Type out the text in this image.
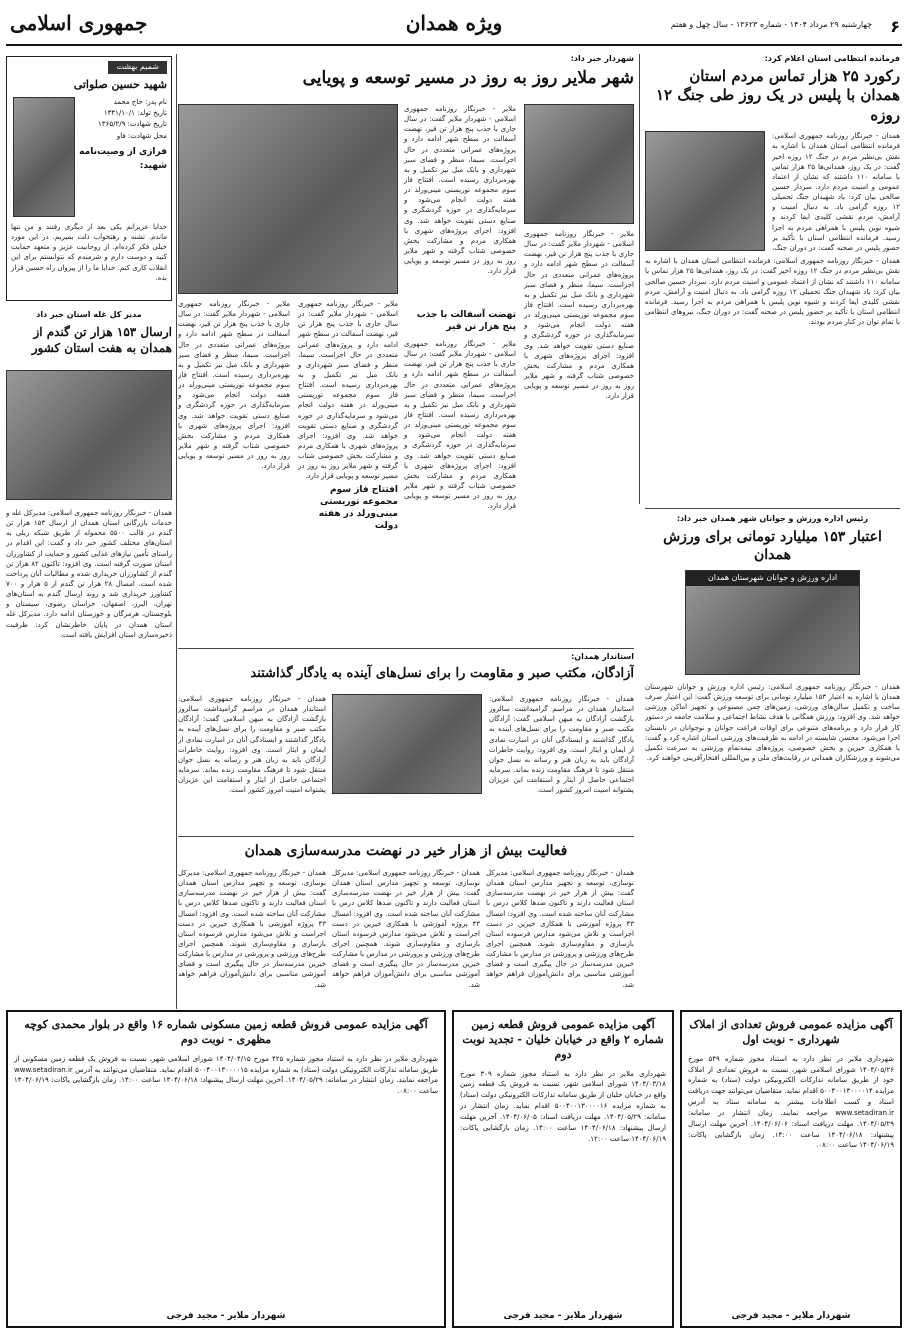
۶
چهارشنبه ۲۹ مرداد ۱۴۰۴ - شماره ۱۳۶۲۳ - سال چهل و هفتم
ویژه همدان
جمهوری اسلامی
فرمانده انتظامی استان اعلام کرد:
رکورد ۲۵ هزار تماس مردم استان همدان با پلیس در یک روز طی جنگ ۱۲ روزه
همدان - خبرنگار روزنامه جمهوری اسلامی: فرمانده انتظامی استان همدان با اشاره به نقش بی‌نظیر مردم در جنگ ۱۲ روزه اخیر گفت: در یک روز، همدانی‌ها ۲۵ هزار تماس با سامانه ۱۱۰ داشتند که نشان از اعتماد عمومی و امنیت مردم دارد. سردار حسین صالحی بیان کرد: یاد شهیدان جنگ تحمیلی ۱۲ روزه گرامی باد. به دنبال امنیت و آرامش، مردم نقشی کلیدی ایفا کردند و شیوه نوین پلیس با همراهی مردم به اجرا رسید. فرمانده انتظامی استان با تأکید بر حضور پلیس در صحنه گفت: در دوران جنگ،
همدان - خبرنگار روزنامه جمهوری اسلامی: فرمانده انتظامی استان همدان با اشاره به نقش بی‌نظیر مردم در جنگ ۱۲ روزه اخیر گفت: در یک روز، همدانی‌ها ۲۵ هزار تماس با سامانه ۱۱۰ داشتند که نشان از اعتماد عمومی و امنیت مردم دارد. سردار حسین صالحی بیان کرد: یاد شهیدان جنگ تحمیلی ۱۲ روزه گرامی باد. به دنبال امنیت و آرامش، مردم نقشی کلیدی ایفا کردند و شیوه نوین پلیس با همراهی مردم به اجرا رسید. فرمانده انتظامی استان با تأکید بر حضور پلیس در صحنه گفت: در دوران جنگ، نیروهای انتظامی با تمام توان در کنار مردم بودند.
شهردار خبر داد:
شهر ملایر روز به روز در مسیر توسعه و پویایی
ملایر - خبرنگار روزنامه جمهوری اسلامی - شهردار ملایر گفت: در سال جاری با جذب پنج هزار تن قیر، نهضت آسفالت در سطح شهر ادامه دارد و پروژه‌های عمرانی متعددی در حال اجراست. سیما، منظر و فضای سبز شهرداری و بانک مبل نیز تکمیل و به بهره‌برداری رسیده است. افتتاح فاز سوم مجموعه توریستی مینی‌ورلد در هفته دولت انجام می‌شود و سرمایه‌گذاری در حوزه گردشگری و صنایع دستی تقویت خواهد شد. وی افزود: اجرای پروژه‌های شهری با همکاری مردم و مشارکت بخش خصوصی شتاب گرفته و شهر ملایر روز به روز در مسیر توسعه و پویایی قرار دارد.
تهضت آسفالت با جذب پنج هزار تن قیر
ملایر - خبرنگار روزنامه جمهوری اسلامی - شهردار ملایر گفت: در سال جاری با جذب پنج هزار تن قیر، نهضت آسفالت در سطح شهر ادامه دارد و پروژه‌های عمرانی متعددی در حال اجراست. سیما، منظر و فضای سبز شهرداری و بانک مبل نیز تکمیل و به بهره‌برداری رسیده است. افتتاح فاز سوم مجموعه توریستی مینی‌ورلد در هفته دولت انجام می‌شود و سرمایه‌گذاری در حوزه گردشگری و صنایع دستی تقویت خواهد شد. وی افزود: اجرای پروژه‌های شهری با همکاری مردم و مشارکت بخش خصوصی شتاب گرفته و شهر ملایر روز به روز در مسیر توسعه و پویایی قرار دارد.
ملایر - خبرنگار روزنامه جمهوری اسلامی - شهردار ملایر گفت: در سال جاری با جذب پنج هزار تن قیر، نهضت آسفالت در سطح شهر ادامه دارد و پروژه‌های عمرانی متعددی در حال اجراست. سیما، منظر و فضای سبز شهرداری و بانک مبل نیز تکمیل و به بهره‌برداری رسیده است. افتتاح فاز سوم مجموعه توریستی مینی‌ورلد در هفته دولت انجام می‌شود و سرمایه‌گذاری در حوزه گردشگری و صنایع دستی تقویت خواهد شد. وی افزود: اجرای پروژه‌های شهری با همکاری مردم و مشارکت بخش خصوصی شتاب گرفته و شهر ملایر روز به روز در مسیر توسعه و پویایی قرار دارد.
ملایر - خبرنگار روزنامه جمهوری اسلامی - شهردار ملایر گفت: در سال جاری با جذب پنج هزار تن قیر، نهضت آسفالت در سطح شهر ادامه دارد و پروژه‌های عمرانی متعددی در حال اجراست. سیما، منظر و فضای سبز شهرداری و بانک مبل نیز تکمیل و به بهره‌برداری رسیده است. افتتاح فاز سوم مجموعه توریستی مینی‌ورلد در هفته دولت انجام می‌شود و سرمایه‌گذاری در حوزه گردشگری و صنایع دستی تقویت خواهد شد. وی افزود: اجرای پروژه‌های شهری با همکاری مردم و مشارکت بخش خصوصی شتاب گرفته و شهر ملایر روز به روز در مسیر توسعه و پویایی قرار دارد.
افتتاح فاز سوم مجموعه توریستی مینی‌ورلد در هفته دولت
ملایر - خبرنگار روزنامه جمهوری اسلامی - شهردار ملایر گفت: در سال جاری با جذب پنج هزار تن قیر، نهضت آسفالت در سطح شهر ادامه دارد و پروژه‌های عمرانی متعددی در حال اجراست. سیما، منظر و فضای سبز شهرداری و بانک مبل نیز تکمیل و به بهره‌برداری رسیده است. افتتاح فاز سوم مجموعه توریستی مینی‌ورلد در هفته دولت انجام می‌شود و سرمایه‌گذاری در حوزه گردشگری و صنایع دستی تقویت خواهد شد. وی افزود: اجرای پروژه‌های شهری با همکاری مردم و مشارکت بخش خصوصی شتاب گرفته و شهر ملایر روز به روز در مسیر توسعه و پویایی قرار دارد.
شمیم بهشت
شهید حسین صلواتی
نام پدر: حاج محمد
تاریخ تولد: ۱۳۴۱/۱۰/۱
تاریخ شهادت: ۱۳۶۵/۲/۹
محل شهادت: فاو
فرازی از وصیت‌نامه شهید:
خدایا عزیزانم یکی بعد از دیگری رفتند و من تنها ماندم. تشنه و رهتخواب ذلت بمیریم. در این مورد خیلی فکر کرده‌ام. از روحانیت عزیز و متعهد حمایت کنید و دوست دارم و شرمندم که نتوانستم برای این انقلاب کاری کنم. خدایا ما را از پیروان راه حسین قرار بده.
مدیر کل غله استان خبر داد
ارسال ۱۵۳ هزار تن گندم از همدان به هفت استان کشور
همدان - خبرنگار روزنامه جمهوری اسلامی: مدیرکل غله و خدمات بازرگانی استان همدان از ارسال ۱۵۳ هزار تن گندم در قالب ۵۵۰۰ محموله از طریق شبکه ریلی به استان‌های مختلف کشور خبر داد و گفت: این اقدام در راستای تأمین نیازهای غذایی کشور و حمایت از کشاورزان استان صورت گرفته است. وی افزود: تاکنون ۸۲ هزار تن گندم از کشاورزان خریداری شده و مطالبات آنان پرداخت شده است. امسال ۲۸ هزار تن گندم از ۵ هزار و ۷۰۰ کشاورز خریداری شد و روند ارسال گندم به استان‌های تهران، البرز، اصفهان، خراسان رضوی، سیستان و بلوچستان، هرمزگان و خوزستان ادامه دارد. مدیرکل غله استان همدان در پایان خاطرنشان کرد: ظرفیت ذخیره‌سازی استان افزایش یافته است.
رئیس اداره ورزش و جوانان شهر همدان خبر داد:
اعتبار ۱۵۳ میلیارد تومانی برای ورزش همدان
اداره ورزش و جوانان شهرستان همدان
همدان - خبرنگار روزنامه جمهوری اسلامی: رئیس اداره ورزش و جوانان شهرستان همدان با اشاره به اعتبار ۱۵۳ میلیارد تومانی برای توسعه ورزش گفت: این اعتبار صرف ساخت و تکمیل سالن‌های ورزشی، زمین‌های چمن مصنوعی و تجهیز اماکن ورزشی خواهد شد. وی افزود: ورزش همگانی با هدف نشاط اجتماعی و سلامت جامعه در دستور کار قرار دارد و برنامه‌های متنوعی برای اوقات فراغت جوانان و نوجوانان در تابستان اجرا می‌شود. محسن شایسته در ادامه به ظرفیت‌های ورزشی استان اشاره کرد و گفت: با همکاری خیرین و بخش خصوصی، پروژه‌های نیمه‌تمام ورزشی به سرعت تکمیل می‌شوند و ورزشکاران همدانی در رقابت‌های ملی و بین‌المللی افتخارآفرینی خواهند کرد.
استاندار همدان:
آزادگان، مکتب صبر و مقاومت را برای نسل‌های آینده به یادگار گذاشتند
همدان - خبرنگار روزنامه جمهوری اسلامی: استاندار همدان در مراسم گرامیداشت سالروز بازگشت آزادگان به میهن اسلامی گفت: آزادگان مکتب صبر و مقاومت را برای نسل‌های آینده به یادگار گذاشتند و ایستادگی آنان در اسارت نمادی از ایمان و ایثار است. وی افزود: روایت خاطرات آزادگان باید به زبان هنر و رسانه به نسل جوان منتقل شود تا فرهنگ مقاومت زنده بماند. سرمایه اجتماعی حاصل از ایثار و استقامت این عزیزان پشتوانه امنیت امروز کشور است.
همدان - خبرنگار روزنامه جمهوری اسلامی: استاندار همدان در مراسم گرامیداشت سالروز بازگشت آزادگان به میهن اسلامی گفت: آزادگان مکتب صبر و مقاومت را برای نسل‌های آینده به یادگار گذاشتند و ایستادگی آنان در اسارت نمادی از ایمان و ایثار است. وی افزود: روایت خاطرات آزادگان باید به زبان هنر و رسانه به نسل جوان منتقل شود تا فرهنگ مقاومت زنده بماند. سرمایه اجتماعی حاصل از ایثار و استقامت این عزیزان پشتوانه امنیت امروز کشور است.
فعالیت بیش از هزار خیر در نهضت مدرسه‌سازی همدان
همدان - خبرنگار روزنامه جمهوری اسلامی: مدیرکل نوسازی، توسعه و تجهیز مدارس استان همدان گفت: بیش از هزار خیر در نهضت مدرسه‌سازی استان فعالیت دارند و تاکنون صدها کلاس درس با مشارکت آنان ساخته شده است. وی افزود: امسال ۴۳ پروژه آموزشی با همکاری خیرین در دست اجراست و تلاش می‌شود مدارس فرسوده استان بازسازی و مقاوم‌سازی شوند. همچنین اجرای طرح‌های ورزشی و پرورشی در مدارس با مشارکت خیرین مدرسه‌ساز در حال پیگیری است و فضای آموزشی مناسبی برای دانش‌آموزان فراهم خواهد شد.
همدان - خبرنگار روزنامه جمهوری اسلامی: مدیرکل نوسازی، توسعه و تجهیز مدارس استان همدان گفت: بیش از هزار خیر در نهضت مدرسه‌سازی استان فعالیت دارند و تاکنون صدها کلاس درس با مشارکت آنان ساخته شده است. وی افزود: امسال ۴۳ پروژه آموزشی با همکاری خیرین در دست اجراست و تلاش می‌شود مدارس فرسوده استان بازسازی و مقاوم‌سازی شوند. همچنین اجرای طرح‌های ورزشی و پرورشی در مدارس با مشارکت خیرین مدرسه‌ساز در حال پیگیری است و فضای آموزشی مناسبی برای دانش‌آموزان فراهم خواهد شد.
همدان - خبرنگار روزنامه جمهوری اسلامی: مدیرکل نوسازی، توسعه و تجهیز مدارس استان همدان گفت: بیش از هزار خیر در نهضت مدرسه‌سازی استان فعالیت دارند و تاکنون صدها کلاس درس با مشارکت آنان ساخته شده است. وی افزود: امسال ۴۳ پروژه آموزشی با همکاری خیرین در دست اجراست و تلاش می‌شود مدارس فرسوده استان بازسازی و مقاوم‌سازی شوند. همچنین اجرای طرح‌های ورزشی و پرورشی در مدارس با مشارکت خیرین مدرسه‌ساز در حال پیگیری است و فضای آموزشی مناسبی برای دانش‌آموزان فراهم خواهد شد.
آگهی مزایده عمومی فروش تعدادی از املاک شهرداری - نوبت اول
شهرداری ملایر در نظر دارد به استناد مجوز شماره ۵۴۹ مورخ ۱۴۰۴/۰۵/۲۶ شورای اسلامی شهر، نسبت به فروش تعدادی از املاک خود از طریق سامانه تدارکات الکترونیکی دولت (ستاد) به شماره مزایده ۵۰۰۴۰۰۱۳۰۰۰۰۱۴ اقدام نماید. متقاضیان می‌توانند جهت دریافت اسناد و کسب اطلاعات بیشتر به سامانه ستاد به آدرس www.setadiran.ir مراجعه نمایند. زمان انتشار در سامانه: ۱۴۰۴/۰۵/۲۹. مهلت دریافت اسناد: ۱۴۰۴/۰۶/۰۶. آخرین مهلت ارسال پیشنهاد: ۱۴۰۴/۰۶/۱۸ ساعت ۱۴:۰۰. زمان بازگشایی پاکات: ۱۴۰۴/۰۶/۱۹ ساعت ۰۸:۰۰.
شهردار ملایر - مجید فرجی
آگهی مزایده عمومی فروش قطعه زمین شماره ۲ واقع در خیابان خلیان - تجدید نوبت دوم
شهرداری ملایر در نظر دارد به استناد مجوز شماره ۳۰۹ مورخ ۱۴۰۴/۰۳/۱۸ شورای اسلامی شهر، نسبت به فروش یک قطعه زمین واقع در خیابان خلیان از طریق سامانه تدارکات الکترونیکی دولت (ستاد) به شماره مزایده ۵۰۰۴۰۰۱۳۰۰۰۰۱۶ اقدام نماید. زمان انتشار در سامانه: ۱۴۰۴/۰۵/۲۹. مهلت دریافت اسناد: ۱۴۰۴/۰۶/۰۵. آخرین مهلت ارسال پیشنهاد: ۱۴۰۴/۰۶/۱۸ ساعت ۱۴:۰۰. زمان بازگشایی پاکات: ۱۴۰۴/۰۶/۱۹ ساعت ۱۲:۰۰.
شهردار ملایر - مجید فرجی
آگهی مزایده عمومی فروش قطعه زمین مسکونی شماره ۱۶ واقع در بلوار محمدی کوچه مظهری - نوبت دوم
شهرداری ملایر در نظر دارد به استناد مجوز شماره ۴۲۵ مورخ ۱۴۰۴/۰۴/۱۵ شورای اسلامی شهر، نسبت به فروش یک قطعه زمین مسکونی از طریق سامانه تدارکات الکترونیکی دولت (ستاد) به شماره مزایده ۵۰۰۴۰۰۱۳۰۰۰۰۱۵ اقدام نماید. متقاضیان می‌توانند به آدرس www.setadiran.ir مراجعه نمایند. زمان انتشار در سامانه: ۱۴۰۴/۰۵/۲۹. آخرین مهلت ارسال پیشنهاد: ۱۴۰۴/۰۶/۱۸ ساعت ۱۴:۰۰. زمان بازگشایی پاکات: ۱۴۰۴/۰۶/۱۹ ساعت ۰۸:۰۰.
شهردار ملایر - مجید فرجی
